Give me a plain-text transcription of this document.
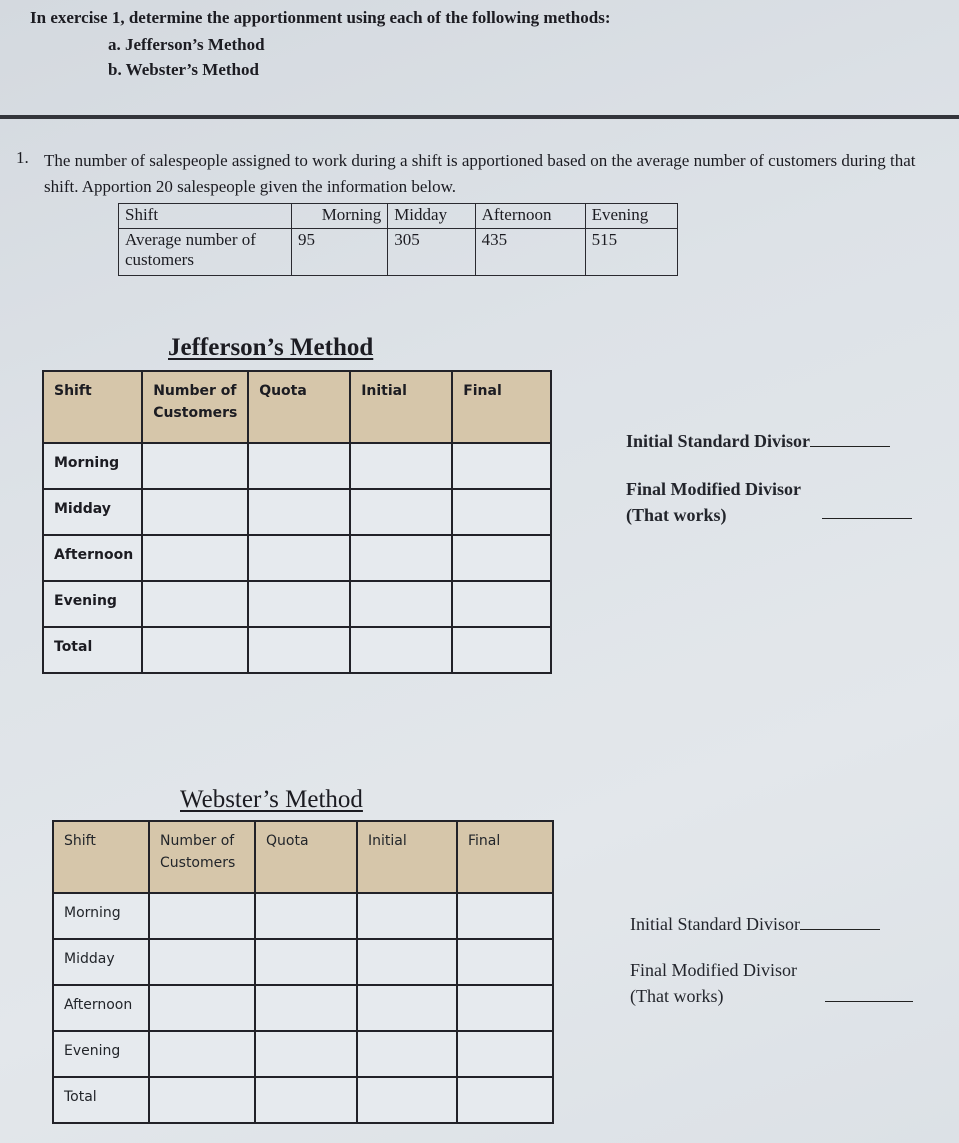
In exercise 1, determine the apportionment using each of the following methods:
a. Jefferson’s Method
b. Webster’s Method
1. The number of salespeople assigned to work during a shift is apportioned based on the average number of customers during that shift. Apportion 20 salespeople given the information below.
Shift	Morning	Midday	Afternoon	Evening
Average number of customers	95	305	435	515
Jefferson’s Method
Shift	Number of Customers	Quota	Initial	Final
Morning				
Midday				
Afternoon				
Evening				
Total				
Initial Standard Divisor
Final Modified Divisor
(That works)
Webster’s Method
Shift	Number of Customers	Quota	Initial	Final
Morning				
Midday				
Afternoon				
Evening				
Total				
Initial Standard Divisor
Final Modified Divisor
(That works)
